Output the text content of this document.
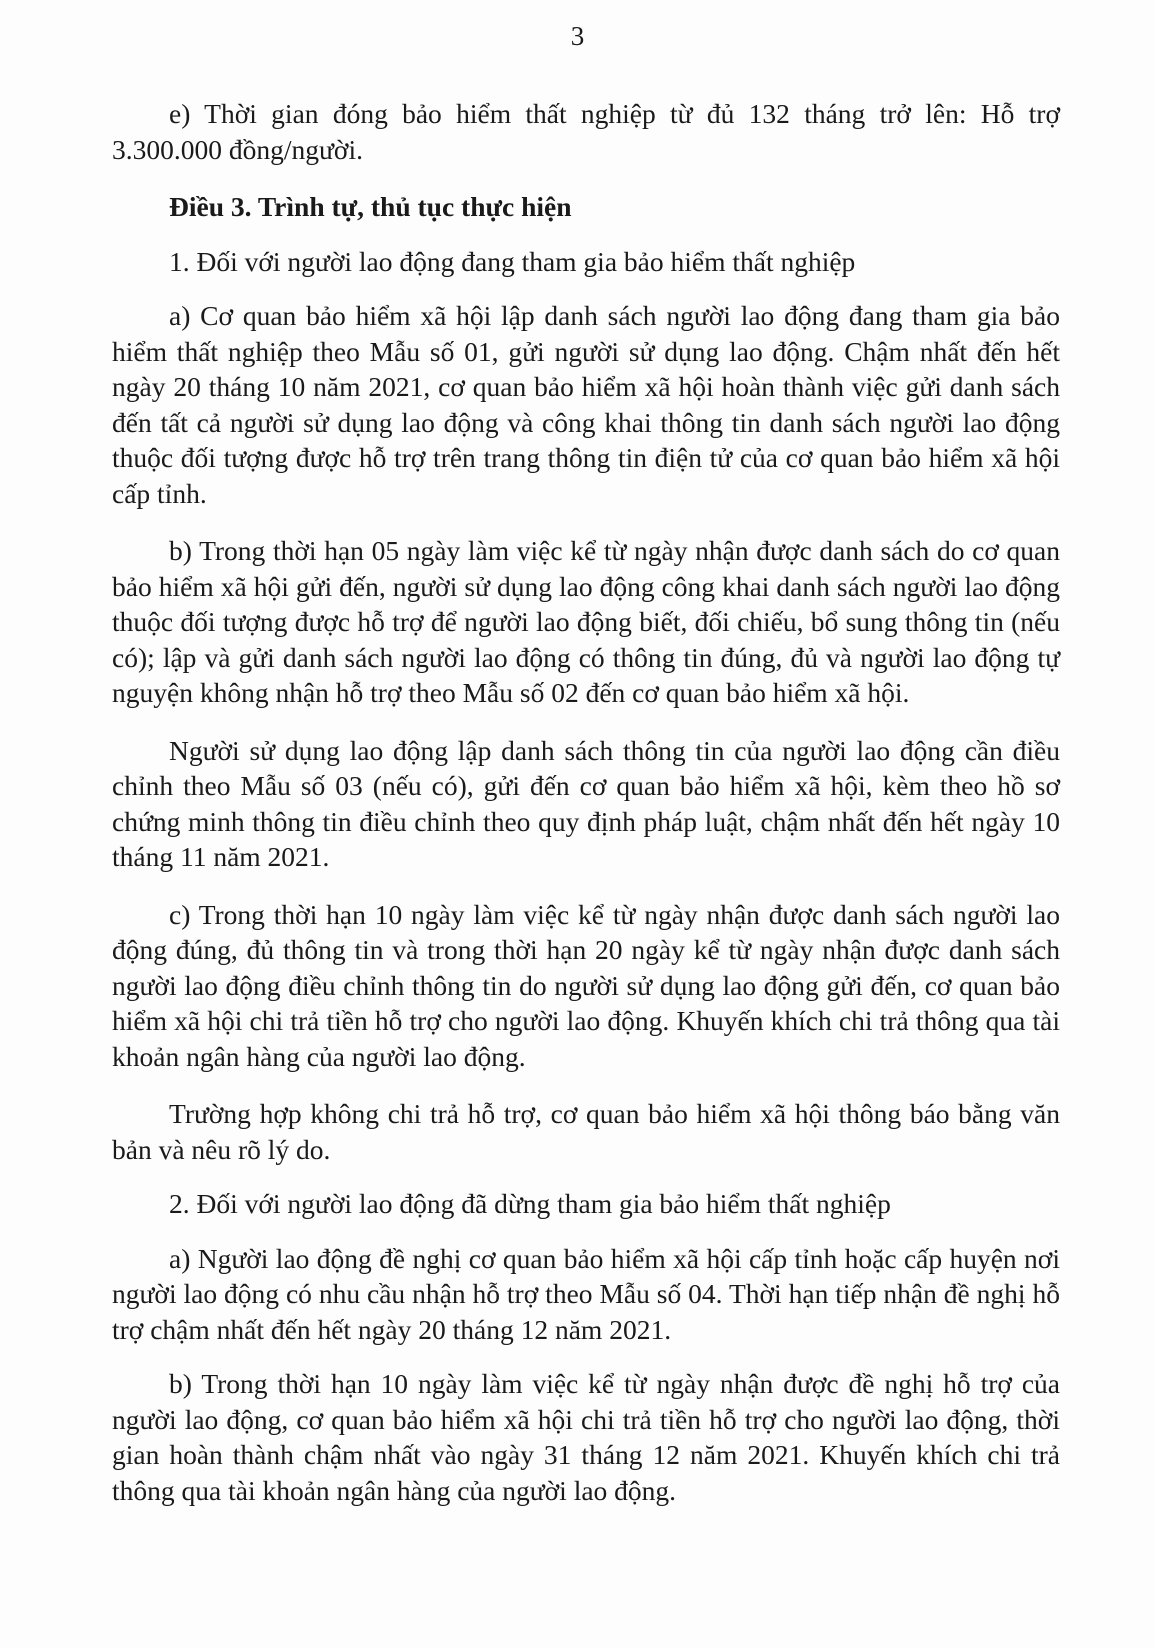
3

e) Thời gian đóng bảo hiểm thất nghiệp từ đủ 132 tháng trở lên: Hỗ trợ 3.300.000 đồng/người.

Điều 3. Trình tự, thủ tục thực hiện

1. Đối với người lao động đang tham gia bảo hiểm thất nghiệp

a) Cơ quan bảo hiểm xã hội lập danh sách người lao động đang tham gia bảo hiểm thất nghiệp theo Mẫu số 01, gửi người sử dụng lao động. Chậm nhất đến hết ngày 20 tháng 10 năm 2021, cơ quan bảo hiểm xã hội hoàn thành việc gửi danh sách đến tất cả người sử dụng lao động và công khai thông tin danh sách người lao động thuộc đối tượng được hỗ trợ trên trang thông tin điện tử của cơ quan bảo hiểm xã hội cấp tỉnh.

b) Trong thời hạn 05 ngày làm việc kể từ ngày nhận được danh sách do cơ quan bảo hiểm xã hội gửi đến, người sử dụng lao động công khai danh sách người lao động thuộc đối tượng được hỗ trợ để người lao động biết, đối chiếu, bổ sung thông tin (nếu có); lập và gửi danh sách người lao động có thông tin đúng, đủ và người lao động tự nguyện không nhận hỗ trợ theo Mẫu số 02 đến cơ quan bảo hiểm xã hội.

Người sử dụng lao động lập danh sách thông tin của người lao động cần điều chỉnh theo Mẫu số 03 (nếu có), gửi đến cơ quan bảo hiểm xã hội, kèm theo hồ sơ chứng minh thông tin điều chỉnh theo quy định pháp luật, chậm nhất đến hết ngày 10 tháng 11 năm 2021.

c) Trong thời hạn 10 ngày làm việc kể từ ngày nhận được danh sách người lao động đúng, đủ thông tin và trong thời hạn 20 ngày kể từ ngày nhận được danh sách người lao động điều chỉnh thông tin do người sử dụng lao động gửi đến, cơ quan bảo hiểm xã hội chi trả tiền hỗ trợ cho người lao động. Khuyến khích chi trả thông qua tài khoản ngân hàng của người lao động.

Trường hợp không chi trả hỗ trợ, cơ quan bảo hiểm xã hội thông báo bằng văn bản và nêu rõ lý do.

2. Đối với người lao động đã dừng tham gia bảo hiểm thất nghiệp

a) Người lao động đề nghị cơ quan bảo hiểm xã hội cấp tỉnh hoặc cấp huyện nơi người lao động có nhu cầu nhận hỗ trợ theo Mẫu số 04. Thời hạn tiếp nhận đề nghị hỗ trợ chậm nhất đến hết ngày 20 tháng 12 năm 2021.

b) Trong thời hạn 10 ngày làm việc kể từ ngày nhận được đề nghị hỗ trợ của người lao động, cơ quan bảo hiểm xã hội chi trả tiền hỗ trợ cho người lao động, thời gian hoàn thành chậm nhất vào ngày 31 tháng 12 năm 2021. Khuyến khích chi trả thông qua tài khoản ngân hàng của người lao động.
